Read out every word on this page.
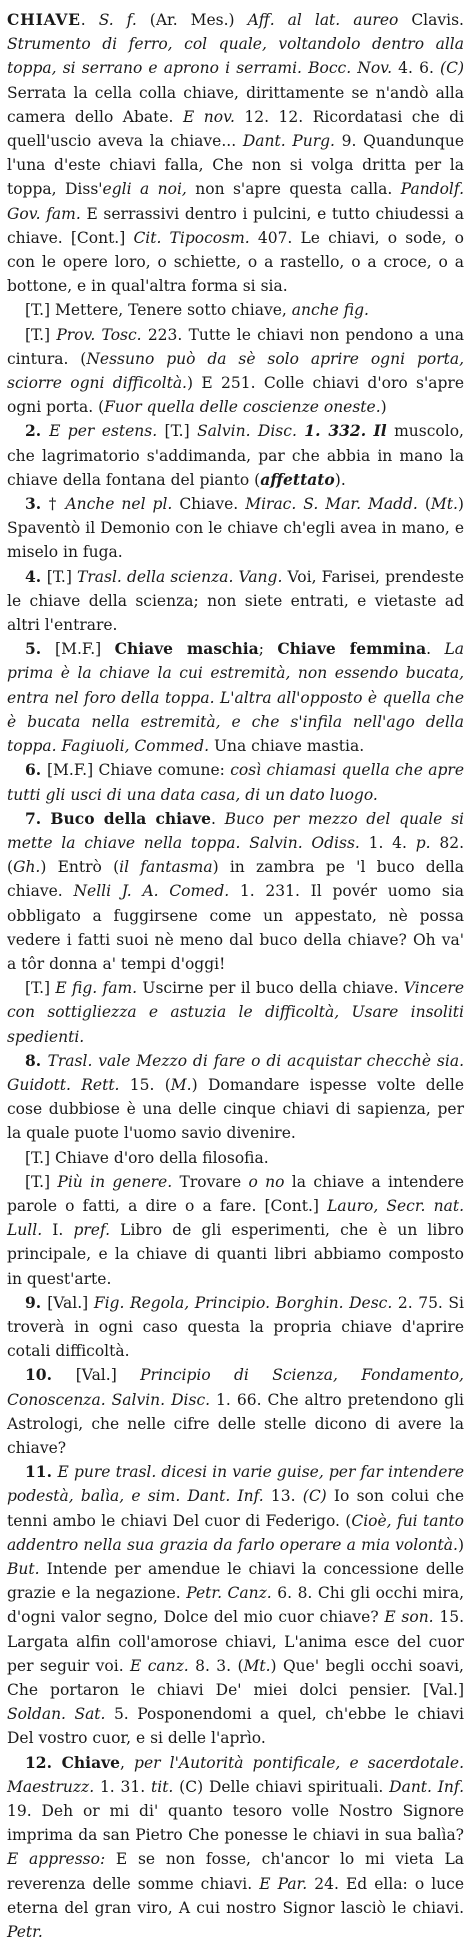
CHIAVE. S. f. (Ar. Mes.) Aff. al lat. aureo Clavis. Strumento di ferro, col quale, voltandolo dentro alla toppa, si serrano e aprono i serrami. Bocc. Nov. 4. 6. (C) Serrata la cella colla chiave, dirittamente se n'andò alla camera dello Abate. E nov. 12. 12. Ricordatasi che di quell'uscio aveva la chiave... Dant. Purg. 9. Quandunque l'una d'este chiavi falla, Che non si volga dritta per la toppa, Diss'egli a noi, non s'apre questa calla. Pandolf. Gov. fam. E serrassivi dentro i pulcini, e tutto chiudessi a chiave. [Cont.] Cit. Tipocosm. 407. Le chiavi, o sode, o con le opere loro, o schiette, o a rastello, o a croce, o a bottone, e in qual'altra forma si sia.

[T.] Mettere, Tenere sotto chiave, anche fig.

[T.] Prov. Tosc. 223. Tutte le chiavi non pendono a una cintura. (Nessuno può da sè solo aprire ogni porta, sciorre ogni difficoltà.) E 251. Colle chiavi d'oro s'apre ogni porta. (Fuor quella delle coscienze oneste.)

2. E per estens. [T.] Salvin. Disc. 1. 332. Il muscolo, che lagrimatorio s'addimanda, par che abbia in mano la chiave della fontana del pianto (affettato).

3. † Anche nel pl. Chiave. Mirac. S. Mar. Madd. (Mt.) Spaventò il Demonio con le chiave ch'egli avea in mano, e miselo in fuga.

4. [T.] Trasl. della scienza. Vang. Voi, Farisei, prendeste le chiave della scienza; non siete entrati, e vietaste ad altri l'entrare.

5. [M.F.] Chiave maschia; Chiave femmina. La prima è la chiave la cui estremità, non essendo bucata, entra nel foro della toppa. L'altra all'opposto è quella che è bucata nella estremità, e che s'infila nell'ago della toppa. Fagiuoli, Commed. Una chiave mastia.

6. [M.F.] Chiave comune: così chiamasi quella che apre tutti gli usci di una data casa, di un dato luogo.

7. Buco della chiave. Buco per mezzo del quale si mette la chiave nella toppa. Salvin. Odiss. 1. 4. p. 82. (Gh.) Entrò (il fantasma) in zambra pe 'l buco della chiave. Nelli J. A. Comed. 1. 231. Il povér uomo sia obbligato a fuggirsene come un appestato, nè possa vedere i fatti suoi nè meno dal buco della chiave? Oh va' a tôr donna a' tempi d'oggi!

[T.] E fig. fam. Uscirne per il buco della chiave. Vincere con sottigliezza e astuzia le difficoltà, Usare insoliti spedienti.

8. Trasl. vale Mezzo di fare o di acquistar checchè sia. Guidott. Rett. 15. (M.) Domandare ispesse volte delle cose dubbiose è una delle cinque chiavi di sapienza, per la quale puote l'uomo savio divenire.

[T.] Chiave d'oro della filosofia.

[T.] Più in genere. Trovare o no la chiave a intendere parole o fatti, a dire o a fare. [Cont.] Lauro, Secr. nat. Lull. I. pref. Libro de gli esperimenti, che è un libro principale, e la chiave di quanti libri abbiamo composto in quest'arte.

9. [Val.] Fig. Regola, Principio. Borghin. Desc. 2. 75. Si troverà in ogni caso questa la propria chiave d'aprire cotali difficoltà.

10. [Val.] Principio di Scienza, Fondamento, Conoscenza. Salvin. Disc. 1. 66. Che altro pretendono gli Astrologi, che nelle cifre delle stelle dicono di avere la chiave?

11. E pure trasl. dicesi in varie guise, per far intendere podestà, balìa, e sim. Dant. Inf. 13. (C) Io son colui che tenni ambo le chiavi Del cuor di Federigo. (Cioè, fui tanto addentro nella sua grazia da farlo operare a mia volontà.) But. Intende per amendue le chiavi la concessione delle grazie e la negazione. Petr. Canz. 6. 8. Chi gli occhi mira, d'ogni valor segno, Dolce del mio cuor chiave? E son. 15. Largata alfin coll'amorose chiavi, L'anima esce del cuor per seguir voi. E canz. 8. 3. (Mt.) Que' begli occhi soavi, Che portaron le chiavi De' miei dolci pensier. [Val.] Soldan. Sat. 5. Posponendomi a quel, ch'ebbe le chiavi Del vostro cuor, e si delle l'aprìo.

12. Chiave, per l'Autorità pontificale, e sacerdotale. Maestruzz. 1. 31. tit. (C) Delle chiavi spirituali. Dant. Inf. 19. Deh or mi di' quanto tesoro volle Nostro Signore imprima da san Pietro Che ponesse le chiavi in sua balìa? E appresso: E se non fosse, ch'ancor lo mi vieta La reverenza delle somme chiavi. E Par. 24. Ed ella: o luce eterna del gran viro, A cui nostro Signor lasciò le chiavi. Petr.
